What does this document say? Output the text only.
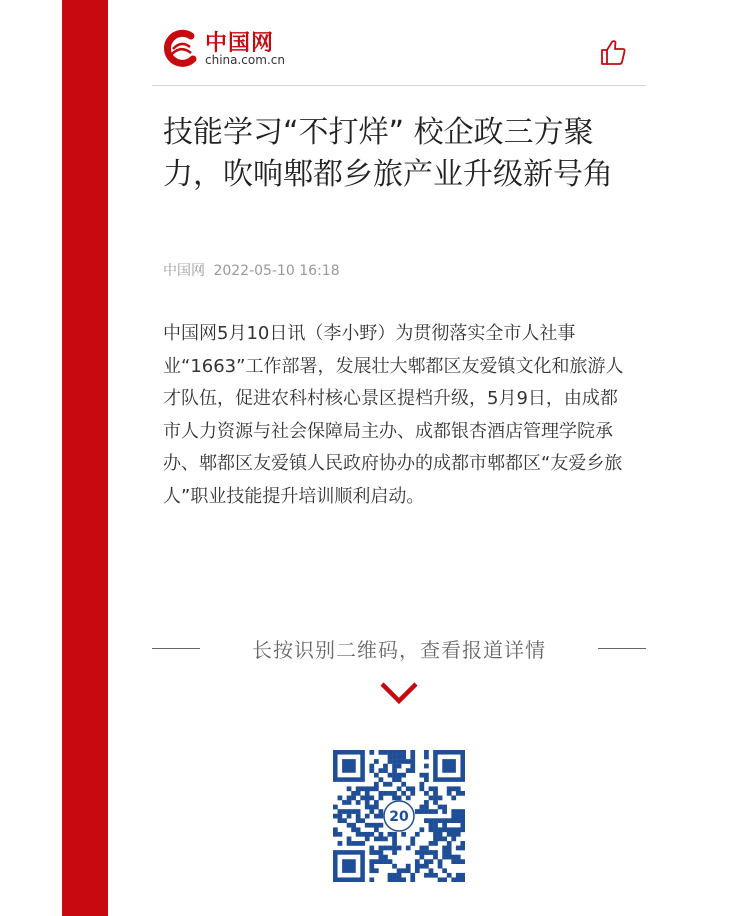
中国网
china.com.cn
技能学习“不打烊” 校企政三方聚力，吹响郫都乡旅产业升级新号角
中国网 2022-05-10 16:18

中国网5月10日讯（李小野）为贯彻落实全市人社事业“1663”工作部署，发展壮大郫都区友爱镇文化和旅游人才队伍，促进农科村核心景区提档升级，5月9日，由成都市人力资源与社会保障局主办、成都银杏酒店管理学院承办、郫都区友爱镇人民政府协办的成都市郫都区“友爱乡旅人”职业技能提升培训顺利启动。

长按识别二维码，查看报道详情
20
